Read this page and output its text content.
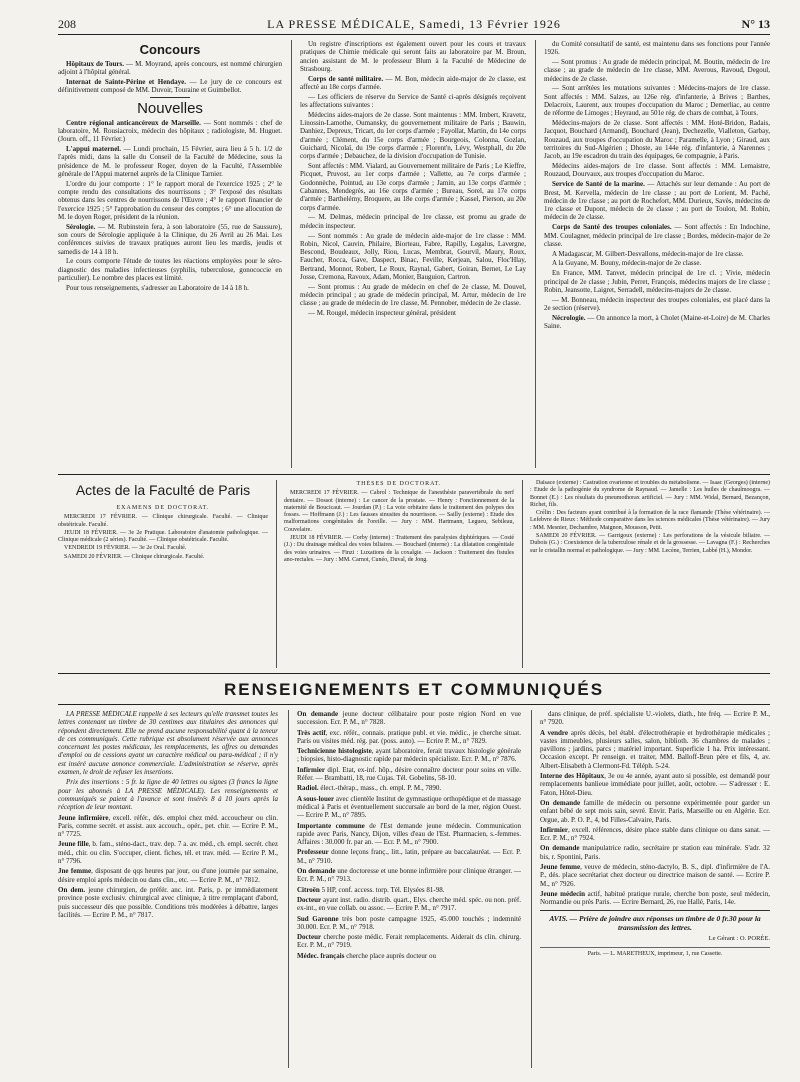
208	LA PRESSE MÉDICALE, Samedi, 13 Février 1926	N° 13
Concours

Hôpitaux de Tours. — M. Moyrand, après concours, est nommé chirurgien adjoint à l'hôpital général.

Internat de Sainte-Périne et Hendaye. — Le jury de ce concours est définitivement composé de MM. Duvoir, Touraine et Guimbellot.

Nouvelles

Centre régional anticancéreux de Marseille. — Sont nommés : chef de laboratoire, M. Rousiacroix, médecin des hôpitaux ; radiologiste, M. Huguet. (Journ. off., 11 Février.)

L'appui maternel. — Lundi prochain, 15 Février, aura lieu à 5 h. 1/2 de l'après midi, dans la salle du Conseil de la Faculté de Médecine, sous la présidence de M. le professeur Roger, doyen de la Faculté, l'Assemblée générale de l'Appui maternel auprès de la Clinique Tarnier.

L'ordre du jour comporte : 1° le rapport moral de l'exercice 1925 ; 2° le compte rendu des consultations des nourrissons ; 3° l'exposé des résultats obtenus dans les centres de nourrissons de l'Œuvre ; 4° le rapport financier de l'exercice 1925 ; 5° l'approbation du censeur des comptes ; 6° une allocution de M. le doyen Roger, président de la réunion.

Sérologie. — M. Rubinstein fera, à son laboratoire (55, rue de Saussure), son cours de Sérologie appliquée à la Clinique, du 26 Avril au 26 Mai. Les conférences suivies de travaux pratiques auront lieu les mardis, jeudis et samedis de 14 à 18 h.

Le cours comporte l'étude de toutes les réactions employées pour le séro-diagnostic des maladies infectieuses (syphilis, tuberculose, gonococcie en particulier). Le nombre des places est limité.

Pour tous renseignements, s'adresser au Laboratoire de 14 à 18 h.

Un registre d'inscriptions est également ouvert pour les cours et travaux pratiques de Chimie médicale qui seront faits au laboratoire par M. Broun, ancien assistant de M. le professeur Blum à la Faculté de Médecine de Strasbourg.

Corps de santé militaire. — M. Bon, médecin aide-major de 2e classe, est affecté au 18e corps d'armée.

— Les officiers de réserve du Service de Santé ci-après désignés reçoivent les affectations suivantes :

Médecins aides-majors de 2e classe. Sont maintenus : MM. Imbert, Kravetz, Linossin-Lamothe, Oumansky, du gouvernement militaire de Paris ; Bauwin, Danhiez, Depreux, Tricart, du 1er corps d'armée ; Fayollat, Martin, du 14e corps d'armée ; Clément, du 15e corps d'armée ; Bourgeois, Colonna, Gozlan, Guichard, Nicolaï, du 19e corps d'armée ; Florent'n, Lévy, Westphall, du 20e corps d'armée ; Debauchez, de la division d'occupation de Tunisie.

Sont affectés : MM. Vialard, au Gouvernement militaire de Paris ; Le Kieffre, Picquet, Pruvost, au 1er corps d'armée ; Vallette, au 7e corps d'armée ; Godonnèche, Pointud, au 13e corps d'armée ; Jamin, au 13e corps d'armée ; Cabannes, Mendegrès, au 16e corps d'armée ; Bureau, Sorel, au 17e corps d'armée ; Barthelémy, Broquere, au 18e corps d'armée ; Kassel, Pierson, au 20e corps d'armée.

— M. Delmas, médecin principal de 1re classe, est promu au grade de médecin inspecteur.

— Sont nommés : Au grade de médecin aide-major de 1re classe : MM. Robin, Nicol, Cauvin, Philaire, Biorteau, Fabre, Rapilly, Legalus, Lavergne, Bescond, Boudeaux, Jolly, Riou, Lucas, Membrat, Gourvil, Maury, Roux, Faucher, Rocca, Gave, Daspect, Binac, Feville, Kerjean, Salou, Floc'Hlay, Bertrand, Monnot, Robert, Le Roux, Raynal, Gabert, Goiran, Bernet, Le Lay Josse, Cremona, Ravoux, Adam, Monier, Bauguion, Cartron.

— Sont promus : Au grade de médecin en chef de 2e classe, M. Douvel, médecin principal ; au grade de médecin principal, M. Artur, médecin de 1re classe ; au grade de médecin de 1re classe, M. Pennober, médecin de 2e classe.

— M. Rougel, médecin inspecteur général, président

du Comité consultatif de santé, est maintenu dans ses fonctions pour l'année 1926.

— Sont promus : Au grade de médecin principal, M. Boutin, médecin de 1re classe ; au grade de médecin de 1re classe, MM. Averous, Ravoud, Degoul, médecins de 2e classe.

— Sont arrêtées les mutations suivantes : Médecins-majors de 1re classe. Sont affectés : MM. Salzes, au 126e rég. d'infanterie, à Brives ; Barthes, Delacroix, Laurent, aux troupes d'occupation du Maroc ; Demerliac, au centre de réforme de Limoges ; Heyraud, au 501e rég. de chars de combat, à Tours.

Médecins-majors de 2e classe. Sont affectés : MM. Hoté-Bridon, Radais, Jacquot, Bouchard (Armand), Bouchard (Jean), Dechezelle, Vialleton, Garbay, Rouzaud, aux troupes d'occupation du Maroc ; Paramelle, à Lyon ; Giraud, aux territoires du Sud-Algérien ; Dhoste, au 144e rég. d'infanterie, à Narennes ; Jacob, au 19e escadron du train des équipages, 6e compagnie, à Paris.

Médecins aides-majors de 1re classe. Sont affectés : MM. Lemaistre, Rouzaud, Dourvaux, aux troupes d'occupation du Maroc.

Service de Santé de la marine. — Attachés sur leur demande : Au port de Brest, M. Kervella, médecin de 1re classe ; au port de Lorient, M. Paché, médecin de 1re classe ; au port de Rochefort, MM. Durieux, Savès, médecins de 1re classe et Dupont, médecin de 2e classe ; au port de Toulon, M. Robin, médecin de 2e classe.

Corps de Santé des troupes coloniales. — Sont affectés : En Indochine, MM. Coulagner, médecin principal de 1re classe ; Bordes, médecin-major de 2e classe.

A Madagascar, M. Gilbert-Desvallons, médecin-major de 1re classe.

A la Guyane, M. Bouny, médecin-major de 2e classe.

En France, MM. Tanvet, médecin principal de 1re cl. ; Vivie, médecin principal de 2e classe ; Jubin, Perret, François, médecins majors de 1re classe ; Robin, Jeansotte, Laigret, Serradell, médecins-majors de 2e classe.

— M. Bonneau, médecin inspecteur des troupes coloniales, est placé dans la 2e section (réserve).

Nécrologie. — On annonce la mort, à Cholet (Maine-et-Loire) de M. Charles Saine.

Actes de la Faculté de Paris
EXAMENS DE DOCTORAT.

MERCREDI 17 FÉVRIER. — Clinique chirurgicale. Faculté. — Clinique obstétricale. Faculté.

JEUDI 18 FÉVRIER. — 3e 2e Pratique. Laboratoire d'anatomie pathologique. — Clinique médicale (2 séries). Faculté. — Clinique obstétricale. Faculté.

VENDREDI 19 FÉVRIER. — 3e 2e Oral. Faculté.

SAMEDI 20 FÉVRIER. — Clinique chirurgicale. Faculté.

THÈSES DE DOCTORAT.

MERCREDI 17 FÉVRIER. — Cabrol : Technique de l'anesthésie paravertébrale du nerf dentaire. — Dossot (interne) : Le cancer de la prostate. — Henry : Fonctionnement de la maternité de Boucicaut. — Jourdan (P.) : La voie orbitaire dans le traitement des polypes des fosses. — Hoffmann (J.) : Les fausses sinusites du nourrisson. — Sailly (externe) : Etude des malformations congénitales de l'oreille. — Jury : MM. Hartmann, Legueu, Sebileau, Couvelaire.

JEUDI 18 FÉVRIER. — Corby (interne) : Traitement des paralysies diphtériques. — Costé (J.) : Du drainage médical des voies biliaires. — Bouchard (interne) : La dilatation congénitale des voies urinaires. — Finzi : Luxations de la coxalgie. — Jackson : Traitement des fistules ano-rectales. — Jury : MM. Carnot, Cunéo, Duval, de Jong.

Dalsace (externe) : Castration ovarienne et troubles du métabolisme. — Isaac (Georges) (interne) : Etude de la pathogénie du syndrome de Raynaud. — Jamelle : Les huiles de chaulmoogra. — Bonnet (E.) : Les résultats du pneumothorax artificiel. — Jury : MM. Widal, Bernard, Bezançon, Richet, fils.

Crélin : Des facteurs ayant contribué à la formation de la race flamande (Thèse vétérinaire). — Lefebvre de Rieux : Méthode comparative dans les sciences médicales (Thèse vétérinaire). — Jury : MM. Mesnier, Dechambre, Maignon, Mousson, Petit.

SAMEDI 20 FÉVRIER. — Garrigoux (externe) : Les perforations de la vésicule biliaire. — Dubois (G.) : Coexistence de la tuberculose rénale et de la grossesse. — Lavagna (F.) : Recherches sur le cristallin normal et pathologique. — Jury : MM. Lecène, Terrien, Labbé (H.), Mondor.

RENSEIGNEMENTS ET COMMUNIQUÉS

LA PRESSE MÉDICALE rappelle à ses lecteurs qu'elle transmet toutes les lettres contenant un timbre de 30 centimes aux titulaires des annonces qui répondent directement. Elle ne prend aucune responsabilité quant à la teneur de ces communiqués. Cette rubrique est absolument réservée aux annonces concernant les postes médicaux, les remplacements, les offres ou demandes d'emploi ou de cessions ayant un caractère médical ou para-médical ; il n'y est inséré aucune annonce commerciale. L'administration se réserve, après examen, le droit de refuser les insertions.

Prix des insertions : 5 fr. la ligne de 40 lettres ou signes (3 francs la ligne pour les abonnés à LA PRESSE MÉDICALE). Les renseignements et communiqués se paient à l'avance et sont insérés 8 à 10 jours après la réception de leur montant.

Jeune infirmière, excell. référ., dés. emploi chez méd. accoucheur ou clin. Paris, comme secrét. et assist. aux accouch., opér., pet. chir. — Ecrire P. M., n° 7725.

Jeune fille, b. fam., sténo-dact., trav. dep. 7 a. av. méd., ch. empl. secrét. chez méd., chir. ou clin. S'occuper, client. fiches, tél. et trav. méd. — Ecrire P. M., n° 7796.

Jne femme, disposant de qqs heures par jour, ou d'une journée par semaine, désire emploi après médecin ou dans clin., etc. — Ecrire P. M., n° 7812.

On dem. jeune chirurgien, de préfér. anc. int. Paris, p. pr immédiatement province poste exclusiv. chirurgical avec clinique, à titre remplaçant d'abord, puis successeur dès que possible. Conditions très modérées à débattre, larges facilités. — Ecrire P. M., n° 7817.

On demande jeune docteur célibataire pour poste région Nord en vue succession. Ecr. P. M., n° 7828.

Très actif, exc. référ., connais. pratique publ. et vie. médic., je cherche situat. Paris ou visites méd. rég. par. (poss. auto). — Ecrire P. M., n° 7829.

Technicienne histologiste, ayant laboratoire, ferait travaux histologie générale ; biopsies, histo-diagnostic rapide par médecin spécialiste. Ecr. P. M., n° 7876.

Infirmier dipl. Etat, ex-inf. hôp., désire connaître docteur pour soins en ville. Réfer. — Brambatti, 18, rue Cujas. Tél. Gobelins, 58-10.

Radiol. élect.-thérap., mass., ch. empl. P. M., 7890.

A sous-louer avec clientèle Institut de gymnastique orthopédique et de massage médical à Paris et éventuellement succursale au bord de la mer, région Ouest. — Ecrire P. M., n° 7895.

Importante commune de l'Est demande jeune médecin. Communication rapide avec Paris, Nancy, Dijon, villes d'eau de l'Est. Pharmacien, s.-femmes. Affaires : 30.000 fr. par an. — Ecr. P. M., n° 7900.

Professeur donne leçons franç., litt., latin, prépare au baccalauréat. — Ecr. P. M., n° 7910.

On demande une doctoresse et une bonne infirmière pour clinique étranger. — Ecr. P. M., n° 7913.

Citroën 5 HP, conf. access. torp. Tél. Elysées 81-98.

Docteur ayant inst. radio. distrib. quart., Elys. cherche méd. spéc. ou non. préf. ex-int., en vue collab. ou assoc. — Ecrire P. M., n° 7917.

Sud Garonne très bon poste campagne 1925, 45.000 touchés ; indemnité 30.000. Ecr. P. M., n° 7918.

Docteur cherche poste médic. Ferait remplacements. Aiderait ds clin. chirurg. Ecr. P. M., n° 7919.

Médec. français cherche place auprès docteur ou

dans clinique, de préf. spécialiste U.-violets, diath., hte fréq. — Ecrire P. M., n° 7920.

A vendre après décès, bel établ. d'électrothérapie et hydrothérapie médicales ; vastes immeubles, plusieurs salles, salon, biblioth. 36 chambres de malades ; pavillons ; jardins, parcs ; matériel important. Superficie 1 ha. Prix intéressant. Occasion except. Pr renseign. et traiter, MM. Balloff-Brun père et fils, 4, av. Albert-Elisabeth à Clermont-Fd. Téléph. 5-24.

Interne des Hôpitaux, 3e ou 4e année, ayant auto si possible, est demandé pour remplacements banlieue immédiate pour juillet, août, octobre. — S'adresser : E. Faton, Hôtel-Dieu.

On demande famille de médecin ou personne expérimentée pour garder un enfant bébé de sept mois sain, sevré. Envir. Paris, Marseille ou en Algérie. Ecr. Orgue, ab. P. O. P., 4, bd Filles-Calvaire, Paris.

Infirmier, excell. références, désire place stable dans clinique ou dans sanat. — Ecr. P. M., n° 7924.

On demande manipulatrice radio, secrétaire pr station eau minérale. S'adr. 32 bis, r. Spontini, Paris.

Jeune femme, veuve de médecin, sténo-dactylo, B. S., dipl. d'infirmière de l'A. P., dés. place secrétariat chez docteur ou directrice maison de santé. — Ecrire P. M., n° 7926.

Jeune médecin actif, habitué pratique rurale, cherche bon poste, seul médecin, Normandie ou près Paris. — Ecrire Bernard, 26, rue Hallé, Paris, 14e.

AVIS. — Prière de joindre aux réponses un timbre de 0 fr.30 pour la transmission des lettres.
Le Gérant : O. PORÉE.
Paris. — L. MARETHEUX, imprimeur, 1, rue Cassette.
